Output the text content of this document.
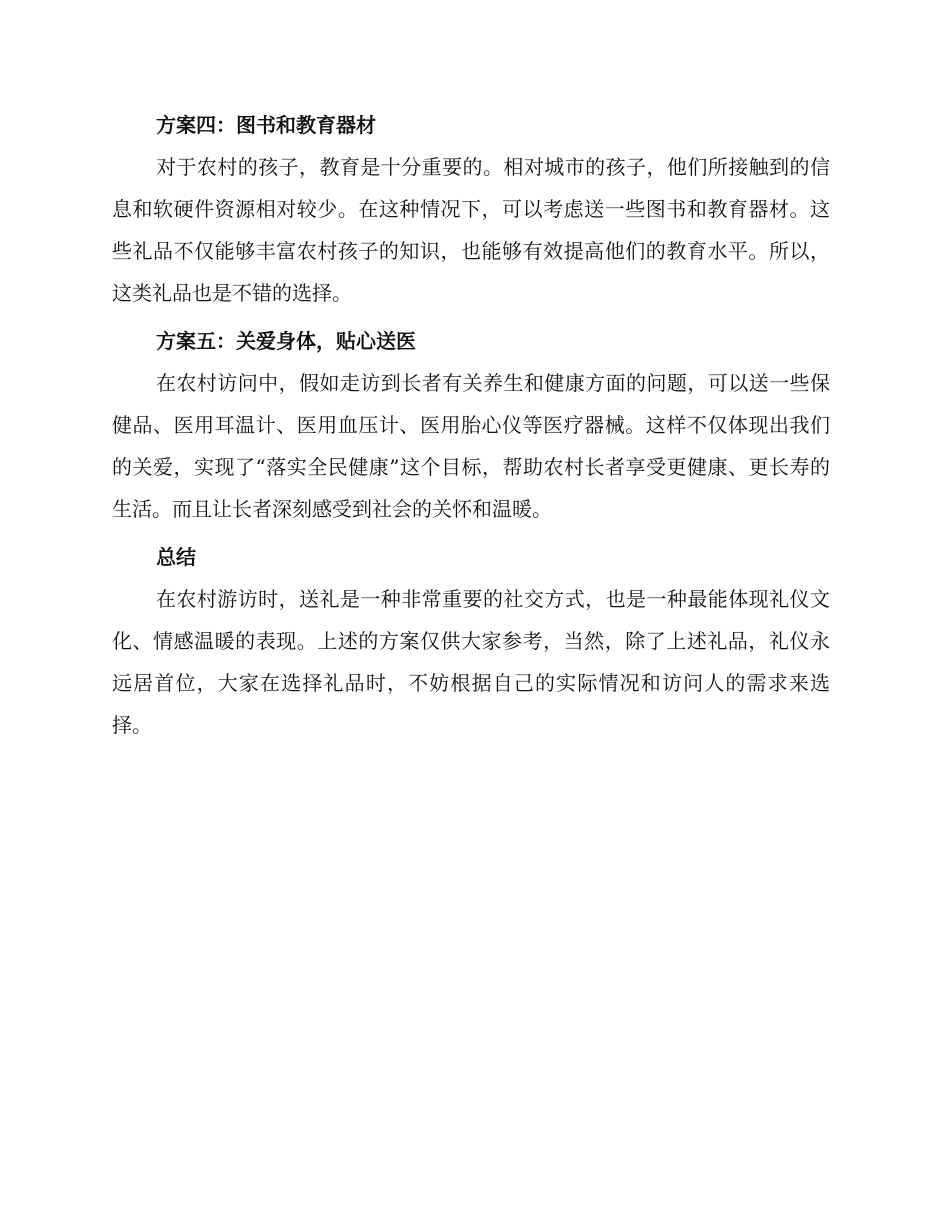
方案四：图书和教育器材

对于农村的孩子，教育是十分重要的。相对城市的孩子，他们所接触到的信息和软硬件资源相对较少。在这种情况下，可以考虑送一些图书和教育器材。这些礼品不仅能够丰富农村孩子的知识，也能够有效提高他们的教育水平。所以，这类礼品也是不错的选择。

方案五：关爱身体，贴心送医

在农村访问中，假如走访到长者有关养生和健康方面的问题，可以送一些保健品、医用耳温计、医用血压计、医用胎心仪等医疗器械。这样不仅体现出我们的关爱，实现了“落实全民健康”这个目标，帮助农村长者享受更健康、更长寿的生活。而且让长者深刻感受到社会的关怀和温暖。

总结

在农村游访时，送礼是一种非常重要的社交方式，也是一种最能体现礼仪文化、情感温暖的表现。上述的方案仅供大家参考，当然，除了上述礼品，礼仪永远居首位，大家在选择礼品时，不妨根据自己的实际情况和访问人的需求来选择。
